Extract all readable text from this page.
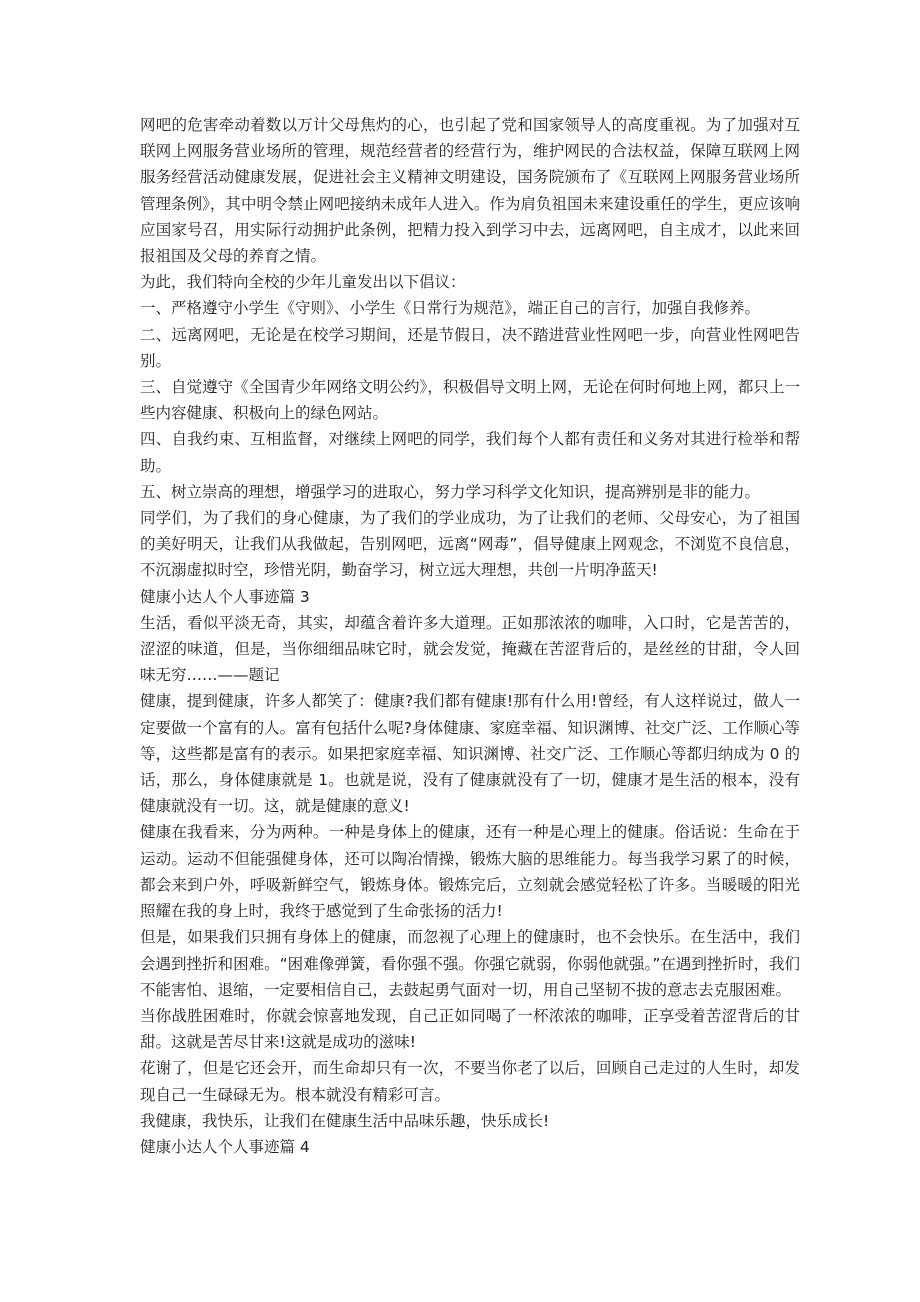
网吧的危害牵动着数以万计父母焦灼的心，也引起了党和国家领导人的高度重视。为了加强对互联网上网服务营业场所的管理，规范经营者的经营行为，维护网民的合法权益，保障互联网上网服务经营活动健康发展，促进社会主义精神文明建设，国务院颁布了《互联网上网服务营业场所管理条例》，其中明令禁止网吧接纳未成年人进入。作为肩负祖国未来建设重任的学生，更应该响应国家号召，用实际行动拥护此条例，把精力投入到学习中去，远离网吧，自主成才，以此来回报祖国及父母的养育之情。

为此，我们特向全校的少年儿童发出以下倡议：

一、严格遵守小学生《守则》、小学生《日常行为规范》，端正自己的言行，加强自我修养。

二、远离网吧，无论是在校学习期间，还是节假日，决不踏进营业性网吧一步，向营业性网吧告别。

三、自觉遵守《全国青少年网络文明公约》，积极倡导文明上网，无论在何时何地上网，都只上一些内容健康、积极向上的绿色网站。

四、自我约束、互相监督，对继续上网吧的同学，我们每个人都有责任和义务对其进行检举和帮助。

五、树立崇高的理想，增强学习的进取心，努力学习科学文化知识，提高辨别是非的能力。

同学们，为了我们的身心健康，为了我们的学业成功，为了让我们的老师、父母安心，为了祖国的美好明天，让我们从我做起，告别网吧，远离“网毒”，倡导健康上网观念，不浏览不良信息，不沉溺虚拟时空，珍惜光阴，勤奋学习，树立远大理想，共创一片明净蓝天!

健康小达人个人事迹篇 3

生活，看似平淡无奇，其实，却蕴含着许多大道理。正如那浓浓的咖啡，入口时，它是苦苦的，涩涩的味道，但是，当你细细品味它时，就会发觉，掩藏在苦涩背后的，是丝丝的甘甜，令人回味无穷……——题记

健康，提到健康，许多人都笑了：健康?我们都有健康!那有什么用!曾经，有人这样说过，做人一定要做一个富有的人。富有包括什么呢?身体健康、家庭幸福、知识渊博、社交广泛、工作顺心等等，这些都是富有的表示。如果把家庭幸福、知识渊博、社交广泛、工作顺心等都归纳成为 0 的话，那么，身体健康就是 1。也就是说，没有了健康就没有了一切，健康才是生活的根本，没有健康就没有一切。这，就是健康的意义!

健康在我看来，分为两种。一种是身体上的健康，还有一种是心理上的健康。俗话说：生命在于运动。运动不但能强健身体，还可以陶冶情操，锻炼大脑的思维能力。每当我学习累了的时候，都会来到户外，呼吸新鲜空气，锻炼身体。锻炼完后，立刻就会感觉轻松了许多。当暖暖的阳光照耀在我的身上时，我终于感觉到了生命张扬的活力!

但是，如果我们只拥有身体上的健康，而忽视了心理上的健康时，也不会快乐。在生活中，我们会遇到挫折和困难。“困难像弹簧，看你强不强。你强它就弱，你弱他就强。”在遇到挫折时，我们不能害怕、退缩，一定要相信自己，去鼓起勇气面对一切，用自己坚韧不拔的意志去克服困难。

当你战胜困难时，你就会惊喜地发现，自己正如同喝了一杯浓浓的咖啡，正享受着苦涩背后的甘甜。这就是苦尽甘来!这就是成功的滋味!

花谢了，但是它还会开，而生命却只有一次，不要当你老了以后，回顾自己走过的人生时，却发现自己一生碌碌无为。根本就没有精彩可言。

我健康，我快乐，让我们在健康生活中品味乐趣，快乐成长!

健康小达人个人事迹篇 4
